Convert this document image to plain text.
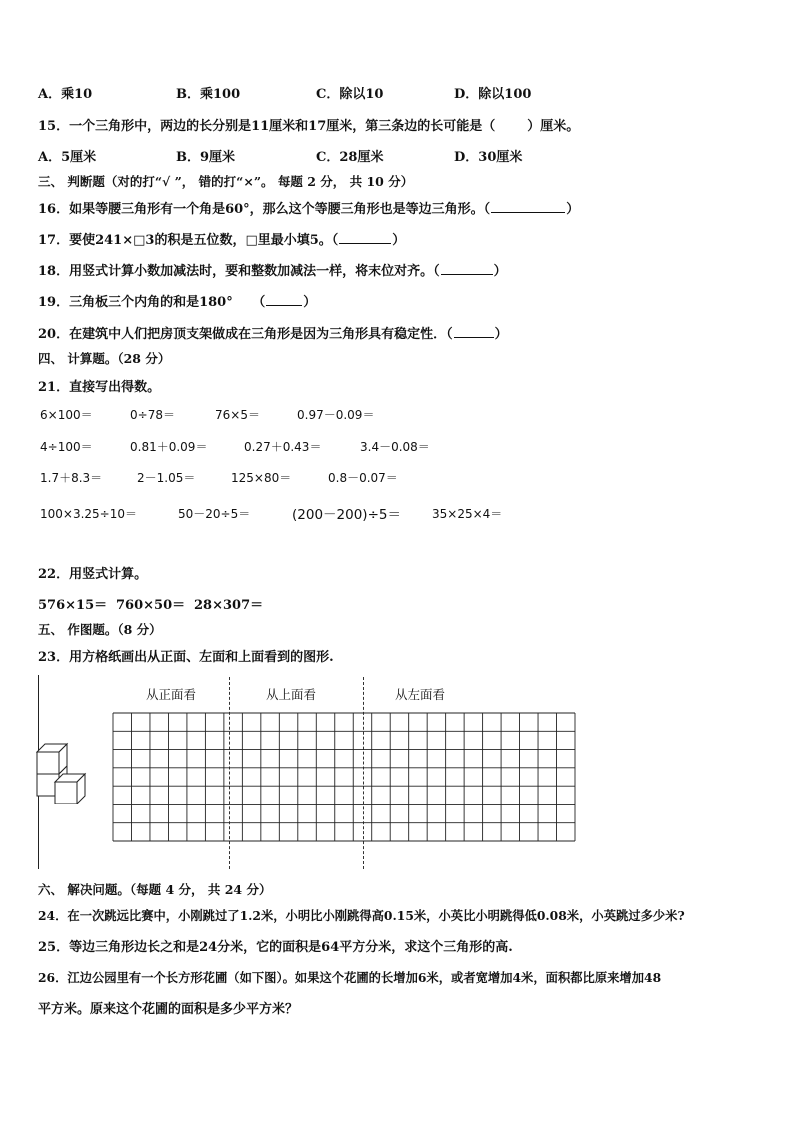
A．乘10	B．乘100	C．除以10	D．除以100
15．一个三角形中，两边的长分别是11厘米和17厘米，第三条边的长可能是（ ）厘米。
A．5厘米	B．9厘米	C．28厘米	D．30厘米
三、 判断题（对的打“√ ”， 错的打“×”。 每题 2 分， 共 10 分）
16．如果等腰三角形有一个角是60°，那么这个等腰三角形也是等边三角形。（	）
17．要使241×□3的积是五位数，□里最小填5。（	）
18．用竖式计算小数加减法时，要和整数加减法一样，将末位对齐。（	）
19．三角板三个内角的和是180°　　（	）
20．在建筑中人们把房顶支架做成在三角形是因为三角形具有稳定性．（	）
四、 计算题。（28 分）
21．直接写出得数。
6×100＝	0÷78＝	76×5＝	0.97－0.09＝
4÷100＝	0.81＋0.09＝	0.27＋0.43＝	3.4－0.08＝
1.7＋8.3＝	2－1.05＝	125×80＝	0.8－0.07＝
100×3.25÷10＝	50－20÷5＝	(200－200)÷5＝	35×25×4＝
22．用竖式计算。
576×15＝ 760×50＝ 28×307＝
五、 作图题。（8 分）
23．用方格纸画出从正面、左面和上面看到的图形.
从正面看	从上面看	从左面看
六、 解决问题。（每题 4 分， 共 24 分）
24．在一次跳远比赛中，小刚跳过了1.2米，小明比小刚跳得高0.15米，小英比小明跳得低0.08米，小英跳过多少米?
25．等边三角形边长之和是24分米，它的面积是64平方分米，求这个三角形的高.
26．江边公园里有一个长方形花圃（如下图）。如果这个花圃的长增加6米，或者宽增加4米，面积都比原来增加48
平方米。原来这个花圃的面积是多少平方米？
